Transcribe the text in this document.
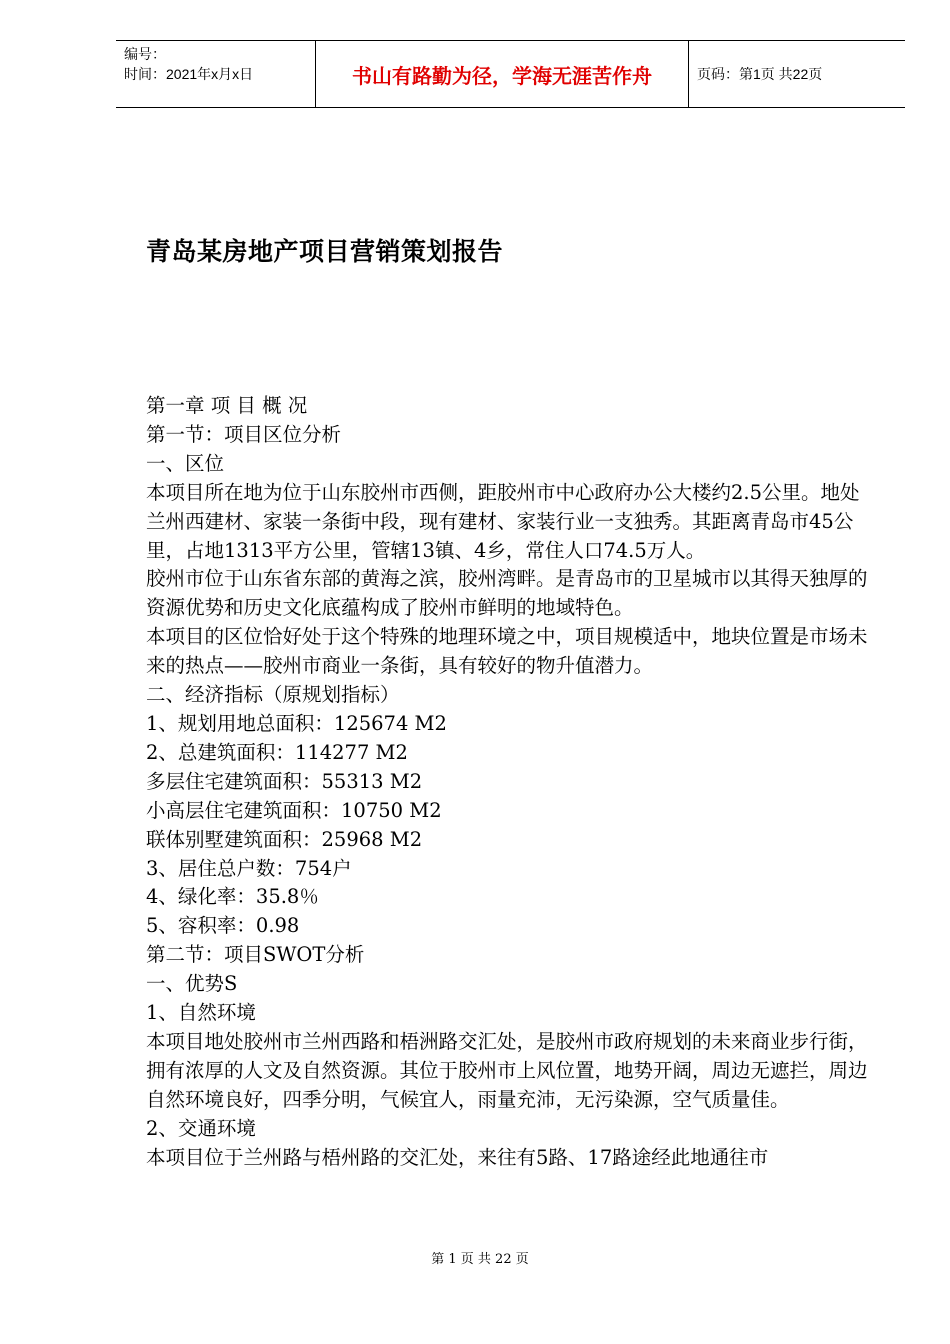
编号：
时间：2021年x月x日	书山有路勤为径，学海无涯苦作舟	页码：第1页 共22页
青岛某房地产项目营销策划报告

第一章 项 目 概 况

第一节：项目区位分析

一、区位

本项目所在地为位于山东胶州市西侧，距胶州市中心政府办公大楼约2.5公里。地处兰州西建材、家装一条街中段，现有建材、家装行业一支独秀。其距离青岛市45公里，占地1313平方公里，管辖13镇、4乡，常住人口74.5万人。

胶州市位于山东省东部的黄海之滨，胶州湾畔。是青岛市的卫星城市以其得天独厚的资源优势和历史文化底蕴构成了胶州市鲜明的地域特色。

本项目的区位恰好处于这个特殊的地理环境之中，项目规模适中，地块位置是市场未来的热点——胶州市商业一条街，具有较好的物升值潜力。

二、经济指标（原规划指标）

1、规划用地总面积：125674 M2

2、总建筑面积：114277 M2

多层住宅建筑面积：55313 M2

小高层住宅建筑面积：10750 M2

联体别墅建筑面积：25968 M2

3、居住总户数：754户

4、绿化率：35.8％

5、容积率：0.98

第二节：项目SWOT分析

一、优势S

1、自然环境

本项目地处胶州市兰州西路和梧洲路交汇处，是胶州市政府规划的未来商业步行街，拥有浓厚的人文及自然资源。其位于胶州市上风位置，地势开阔，周边无遮拦，周边自然环境良好，四季分明，气候宜人，雨量充沛，无污染源，空气质量佳。

2、交通环境

本项目位于兰州路与梧州路的交汇处，来往有5路、17路途经此地通往市

第 1 页 共 22 页
